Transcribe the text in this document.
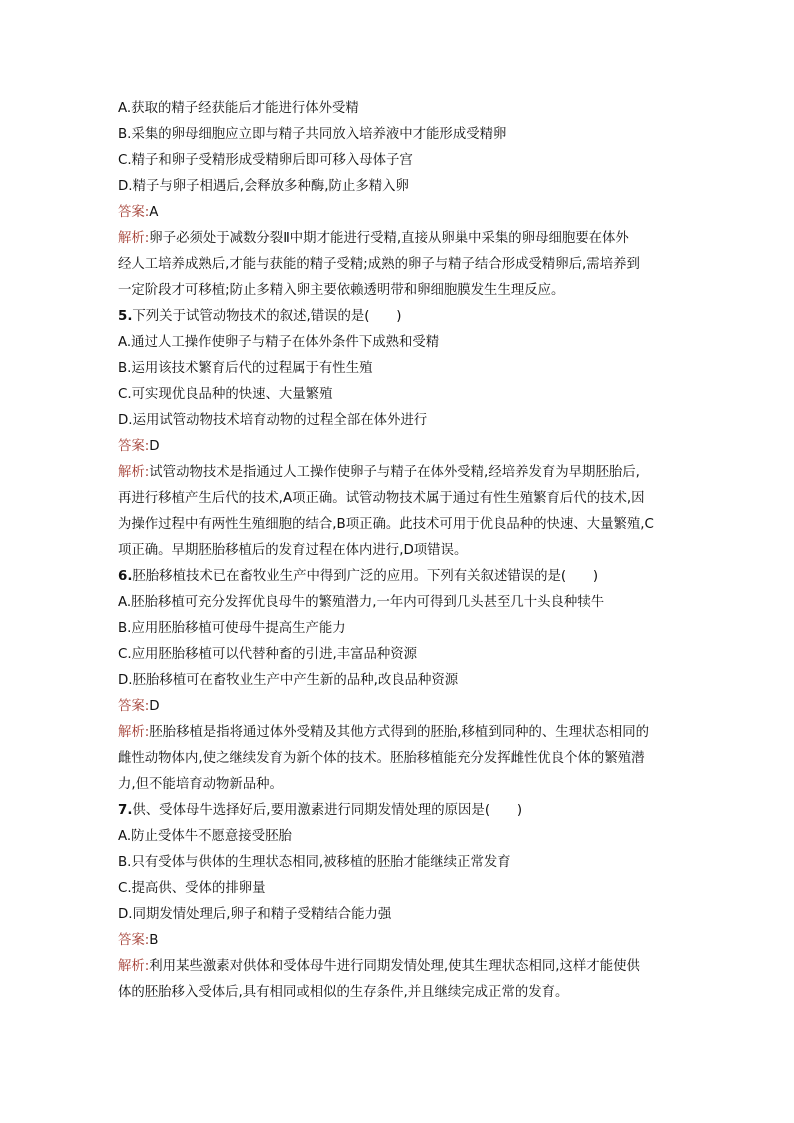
A.获取的精子经获能后才能进行体外受精
B.采集的卵母细胞应立即与精子共同放入培养液中才能形成受精卵
C.精子和卵子受精形成受精卵后即可移入母体子宫
D.精子与卵子相遇后,会释放多种酶,防止多精入卵
答案:A
解析:卵子必须处于减数分裂Ⅱ中期才能进行受精,直接从卵巢中采集的卵母细胞要在体外
经人工培养成熟后,才能与获能的精子受精;成熟的卵子与精子结合形成受精卵后,需培养到
一定阶段才可移植;防止多精入卵主要依赖透明带和卵细胞膜发生生理反应。
5.下列关于试管动物技术的叙述,错误的是(　　)
A.通过人工操作使卵子与精子在体外条件下成熟和受精
B.运用该技术繁育后代的过程属于有性生殖
C.可实现优良品种的快速、大量繁殖
D.运用试管动物技术培育动物的过程全部在体外进行
答案:D
解析:试管动物技术是指通过人工操作使卵子与精子在体外受精,经培养发育为早期胚胎后,
再进行移植产生后代的技术,A项正确。试管动物技术属于通过有性生殖繁育后代的技术,因
为操作过程中有两性生殖细胞的结合,B项正确。此技术可用于优良品种的快速、大量繁殖,C
项正确。早期胚胎移植后的发育过程在体内进行,D项错误。
6.胚胎移植技术已在畜牧业生产中得到广泛的应用。下列有关叙述错误的是(　　)
A.胚胎移植可充分发挥优良母牛的繁殖潜力,一年内可得到几头甚至几十头良种犊牛
B.应用胚胎移植可使母牛提高生产能力
C.应用胚胎移植可以代替种畜的引进,丰富品种资源
D.胚胎移植可在畜牧业生产中产生新的品种,改良品种资源
答案:D
解析:胚胎移植是指将通过体外受精及其他方式得到的胚胎,移植到同种的、生理状态相同的
雌性动物体内,使之继续发育为新个体的技术。胚胎移植能充分发挥雌性优良个体的繁殖潜
力,但不能培育动物新品种。
7.供、受体母牛选择好后,要用激素进行同期发情处理的原因是(　　)
A.防止受体牛不愿意接受胚胎
B.只有受体与供体的生理状态相同,被移植的胚胎才能继续正常发育
C.提高供、受体的排卵量
D.同期发情处理后,卵子和精子受精结合能力强
答案:B
解析:利用某些激素对供体和受体母牛进行同期发情处理,使其生理状态相同,这样才能使供
体的胚胎移入受体后,具有相同或相似的生存条件,并且继续完成正常的发育。
